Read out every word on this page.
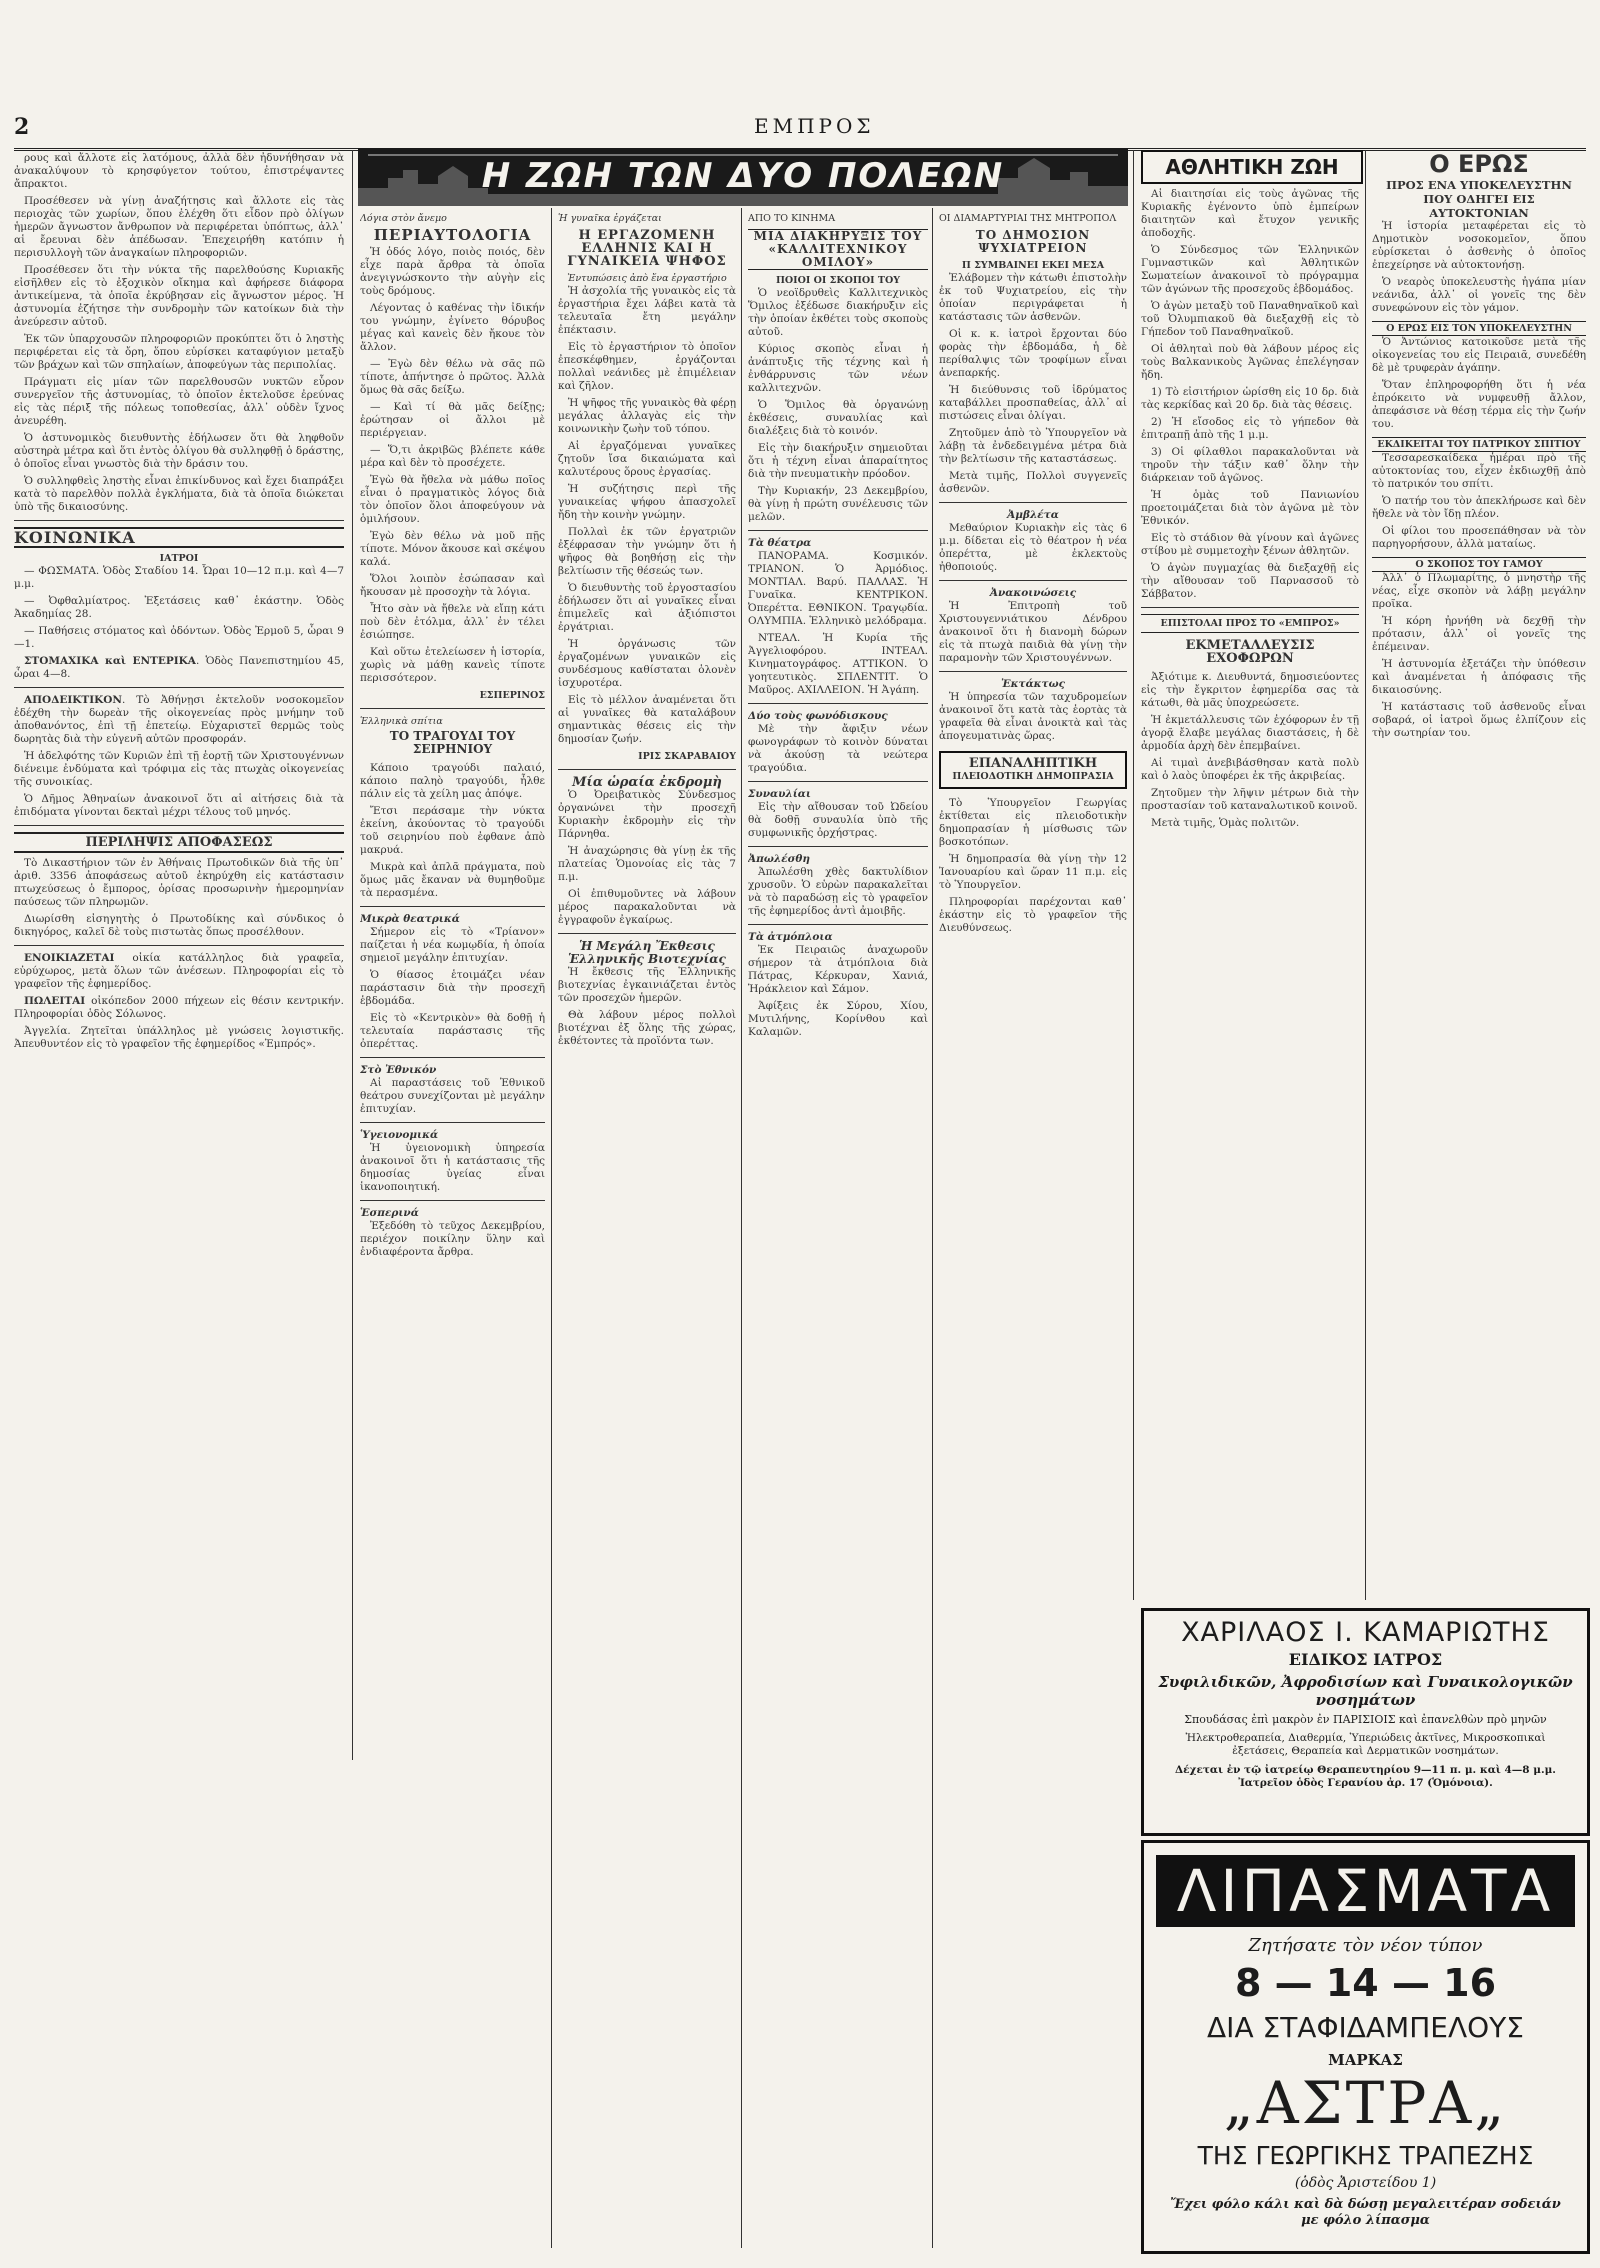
2	ΕΜΠΡΟΣ
Η ΖΩΗ ΤΩΝ ΔΥΟ ΠΟΛΕΩΝ

ρους καὶ ἄλλοτε εἰς λατόμους, ἀλλὰ δὲν ἠδυνήθησαν νὰ ἀνακαλύψουν τὸ κρησφύγετον τούτου, ἐπιστρέψαντες ἄπρακτοι.

Προσέθεσεν νὰ γίνῃ ἀναζήτησις καὶ ἄλλοτε εἰς τὰς περιοχὰς τῶν χωρίων, ὅπου ἐλέχθη ὅτι εἶδον πρὸ ὀλίγων ἡμερῶν ἄγνωστον ἄνθρωπον νὰ περιφέρεται ὑπόπτως, ἀλλ᾿ αἱ ἔρευναι δὲν ἀπέδωσαν. Ἐπεχειρήθη κατόπιν ἡ περισυλλογὴ τῶν ἀναγκαίων πληροφοριῶν.

Προσέθεσεν ὅτι τὴν νύκτα τῆς παρελθούσης Κυριακῆς εἰσῆλθεν εἰς τὸ ἐξοχικὸν οἴκημα καὶ ἀφήρεσε διάφορα ἀντικείμενα, τὰ ὁποῖα ἐκρύβησαν εἰς ἄγνωστον μέρος. Ἡ ἀστυνομία ἐζήτησε τὴν συνδρομὴν τῶν κατοίκων διὰ τὴν ἀνεύρεσιν αὐτοῦ.

Ἐκ τῶν ὑπαρχουσῶν πληροφοριῶν προκύπτει ὅτι ὁ ληστὴς περιφέρεται εἰς τὰ ὄρη, ὅπου εὑρίσκει καταφύγιον μεταξὺ τῶν βράχων καὶ τῶν σπηλαίων, ἀποφεύγων τὰς περιπολίας.

Πράγματι εἰς μίαν τῶν παρελθουσῶν νυκτῶν εὗρον συνεργεῖον τῆς ἀστυνομίας, τὸ ὁποῖον ἐκτελοῦσε ἐρεύνας εἰς τὰς πέριξ τῆς πόλεως τοποθεσίας, ἀλλ᾿ οὐδὲν ἴχνος ἀνευρέθη.

Ὁ ἀστυνομικὸς διευθυντὴς ἐδήλωσεν ὅτι θὰ ληφθοῦν αὐστηρὰ μέτρα καὶ ὅτι ἐντὸς ὀλίγου θὰ συλληφθῇ ὁ δράστης, ὁ ὁποῖος εἶναι γνωστὸς διὰ τὴν δράσιν του.

Ὁ συλληφθεὶς ληστὴς εἶναι ἐπικίνδυνος καὶ ἔχει διαπράξει κατὰ τὸ παρελθὸν πολλὰ ἐγκλήματα, διὰ τὰ ὁποῖα διώκεται ὑπὸ τῆς δικαιοσύνης.

ΚΟΙΝΩΝΙΚΑ
ΙΑΤΡΟΙ

— ΦΩΣΜΑΤΑ. Ὁδὸς Σταδίου 14. Ὧραι 10—12 π.μ. καὶ 4—7 μ.μ.

— Ὀφθαλμίατρος. Ἐξετάσεις καθ᾿ ἑκάστην. Ὁδὸς Ἀκαδημίας 28.

— Παθήσεις στόματος καὶ ὀδόντων. Ὁδὸς Ἐρμοῦ 5, ὧραι 9—1.

ΣΤΟΜΑΧΙΚΑ καὶ ΕΝΤΕΡΙΚΑ. Ὁδὸς Πανεπιστημίου 45, ὧραι 4—8.

ΑΠΟΔΕΙΚΤΙΚΟΝ. Τὸ Ἀθήνῃσι ἐκτελοῦν νοσοκομεῖον ἐδέχθη τὴν δωρεὰν τῆς οἰκογενείας πρὸς μνήμην τοῦ ἀποθανόντος, ἐπὶ τῇ ἐπετείῳ. Εὐχαριστεῖ θερμῶς τοὺς δωρητὰς διὰ τὴν εὐγενῆ αὐτῶν προσφοράν.

Ἡ ἀδελφότης τῶν Κυριῶν ἐπὶ τῇ ἑορτῇ τῶν Χριστουγέννων διένειμε ἐνδύματα καὶ τρόφιμα εἰς τὰς πτωχὰς οἰκογενείας τῆς συνοικίας.

Ὁ Δῆμος Ἀθηναίων ἀνακοινοῖ ὅτι αἱ αἰτήσεις διὰ τὰ ἐπιδόματα γίνονται δεκταὶ μέχρι τέλους τοῦ μηνός.

ΠΕΡΙΛΗΨΙΣ ΑΠΟΦΑΣΕΩΣ

Τὸ Δικαστήριον τῶν ἐν Ἀθήναις Πρωτοδικῶν διὰ τῆς ὑπ᾿ ἀριθ. 3356 ἀποφάσεως αὐτοῦ ἐκηρύχθη εἰς κατάστασιν πτωχεύσεως ὁ ἔμπορος, ὁρίσας προσωρινὴν ἡμερομηνίαν παύσεως τῶν πληρωμῶν.

Διωρίσθη εἰσηγητὴς ὁ Πρωτοδίκης καὶ σύνδικος ὁ δικηγόρος, καλεῖ δὲ τοὺς πιστωτὰς ὅπως προσέλθουν.

ΕΝΟΙΚΙΑΖΕΤΑΙ οἰκία κατάλληλος διὰ γραφεῖα, εὐρύχωρος, μετὰ ὅλων τῶν ἀνέσεων. Πληροφορίαι εἰς τὸ γραφεῖον τῆς ἐφημερίδος.

ΠΩΛΕΙΤΑΙ οἰκόπεδον 2000 πήχεων εἰς θέσιν κεντρικήν. Πληροφορίαι ὁδὸς Σόλωνος.

Ἀγγελία. Ζητεῖται ὑπάλληλος μὲ γνώσεις λογιστικῆς. Ἀπευθυντέον εἰς τὸ γραφεῖον τῆς ἐφημερίδος «Ἐμπρός».

Λόγια στὸν ἄνεμο
ΠΕΡΙΑΥΤΟΛΟΓΙΑ

Ἡ ὁδός λόγο, ποιὸς ποιός, δὲν εἶχε παρὰ ἄρθρα τὰ ὁποῖα ἀνεγιγνώσκοντο τὴν αὐγὴν εἰς τοὺς δρόμους.

Λέγοντας ὁ καθένας τὴν ἰδικήν του γνώμην, ἐγίνετο θόρυβος μέγας καὶ κανεὶς δὲν ἤκουε τὸν ἄλλον.

— Ἐγὼ δὲν θέλω νὰ σᾶς πῶ τίποτε, ἀπήντησε ὁ πρῶτος. Ἀλλὰ ὅμως θὰ σᾶς δείξω.

— Καὶ τί θὰ μᾶς δείξῃς; ἐρώτησαν οἱ ἄλλοι μὲ περιέργειαν.

— Ὅ,τι ἀκριβῶς βλέπετε κάθε μέρα καὶ δὲν τὸ προσέχετε.

Ἐγὼ θὰ ἤθελα νὰ μάθω ποῖος εἶναι ὁ πραγματικὸς λόγος διὰ τὸν ὁποῖον ὅλοι ἀποφεύγουν νὰ ὁμιλήσουν.

Ἐγὼ δὲν θέλω νὰ μοῦ πῇς τίποτε. Μόνον ἄκουσε καὶ σκέψου καλά.

Ὅλοι λοιπὸν ἐσώπασαν καὶ ἤκουσαν μὲ προσοχὴν τὰ λόγια.

Ἦτο σὰν νὰ ἤθελε νὰ εἴπῃ κάτι ποὺ δὲν ἐτόλμα, ἀλλ᾿ ἐν τέλει ἐσιώπησε.

Καὶ οὕτω ἐτελείωσεν ἡ ἱστορία, χωρὶς νὰ μάθῃ κανεὶς τίποτε περισσότερον.

ΕΣΠΕΡΙΝΟΣ
Ἑλληνικὰ σπίτια
ΤΟ ΤΡΑΓΟΥΔΙ ΤΟΥ ΣΕΙΡΗΝΙΟΥ

Κάποιο τραγούδι παλαιό, κάποιο παληὸ τραγούδι, ἦλθε πάλιν εἰς τὰ χείλη μας ἀπόψε.

Ἔτσι περάσαμε τὴν νύκτα ἐκείνη, ἀκούοντας τὸ τραγούδι τοῦ σειρηνίου ποὺ ἐφθανε ἀπὸ μακρυά.

Μικρὰ καὶ ἀπλᾶ πράγματα, ποὺ ὅμως μᾶς ἔκαναν νὰ θυμηθοῦμε τὰ περασμένα.

Μικρὰ θεατρικά

Σήμερον εἰς τὸ «Τρίανον» παίζεται ἡ νέα κωμῳδία, ἡ ὁποία σημειοῖ μεγάλην ἐπιτυχίαν.

Ὁ θίασος ἑτοιμάζει νέαν παράστασιν διὰ τὴν προσεχῆ ἑβδομάδα.

Εἰς τὸ «Κεντρικὸν» θὰ δοθῇ ἡ τελευταία παράστασις τῆς ὀπερέττας.

Στὸ Ἐθνικόν

Αἱ παραστάσεις τοῦ Ἐθνικοῦ θεάτρου συνεχίζονται μὲ μεγάλην ἐπιτυχίαν.

Ὑγειονομικά

Ἡ ὑγειονομικὴ ὑπηρεσία ἀνακοινοῖ ὅτι ἡ κατάστασις τῆς δημοσίας ὑγείας εἶναι ἱκανοποιητική.

Ἑσπερινά

Ἐξεδόθη τὸ τεῦχος Δεκεμβρίου, περιέχον ποικίλην ὕλην καὶ ἐνδιαφέροντα ἄρθρα.

Ἡ γυναῖκα ἐργάζεται
Η ΕΡΓΑΖΟΜΕΝΗ ΕΛΛΗΝΙΣ ΚΑΙ Η ΓΥΝΑΙΚΕΙΑ ΨΗΦΟΣ
Ἐντυπώσεις ἀπὸ ἕνα ἐργαστήριο

Ἡ ἀσχολία τῆς γυναικὸς εἰς τὰ ἐργαστήρια ἔχει λάβει κατὰ τὰ τελευταῖα ἔτη μεγάλην ἐπέκτασιν.

Εἰς τὸ ἐργαστήριον τὸ ὁποῖον ἐπεσκέφθημεν, ἐργάζονται πολλαὶ νεάνιδες μὲ ἐπιμέλειαν καὶ ζῆλον.

Ἡ ψῆφος τῆς γυναικὸς θὰ φέρῃ μεγάλας ἀλλαγὰς εἰς τὴν κοινωνικὴν ζωὴν τοῦ τόπου.

Αἱ ἐργαζόμεναι γυναῖκες ζητοῦν ἴσα δικαιώματα καὶ καλυτέρους ὅρους ἐργασίας.

Ἡ συζήτησις περὶ τῆς γυναικείας ψήφου ἀπασχολεῖ ἤδη τὴν κοινὴν γνώμην.

Πολλαὶ ἐκ τῶν ἐργατριῶν ἐξέφρασαν τὴν γνώμην ὅτι ἡ ψῆφος θὰ βοηθήσῃ εἰς τὴν βελτίωσιν τῆς θέσεώς των.

Ὁ διευθυντὴς τοῦ ἐργοστασίου ἐδήλωσεν ὅτι αἱ γυναῖκες εἶναι ἐπιμελεῖς καὶ ἀξιόπιστοι ἐργάτριαι.

Ἡ ὀργάνωσις τῶν ἐργαζομένων γυναικῶν εἰς συνδέσμους καθίσταται ὁλονὲν ἰσχυροτέρα.

Εἰς τὸ μέλλον ἀναμένεται ὅτι αἱ γυναῖκες θὰ καταλάβουν σημαντικὰς θέσεις εἰς τὴν δημοσίαν ζωήν.

ΙΡΙΣ ΣΚΑΡΑΒΑΙΟΥ
Μία ὡραία ἐκδρομὴ

Ὁ Ὀρειβατικὸς Σύνδεσμος ὀργανώνει τὴν προσεχῆ Κυριακὴν ἐκδρομὴν εἰς τὴν Πάρνηθα.

Ἡ ἀναχώρησις θὰ γίνῃ ἐκ τῆς πλατείας Ὁμονοίας εἰς τὰς 7 π.μ.

Οἱ ἐπιθυμοῦντες νὰ λάβουν μέρος παρακαλοῦνται νὰ ἐγγραφοῦν ἐγκαίρως.

Ἡ Μεγάλη Ἔκθεσις Ἑλληνικῆς Βιοτεχνίας

Ἡ ἔκθεσις τῆς Ἑλληνικῆς βιοτεχνίας ἐγκαινιάζεται ἐντὸς τῶν προσεχῶν ἡμερῶν.

Θὰ λάβουν μέρος πολλοὶ βιοτέχναι ἐξ ὅλης τῆς χώρας, ἐκθέτοντες τὰ προϊόντα των.

ΑΠΟ ΤΟ ΚΙΝΗΜΑ
ΜΙΑ ΔΙΑΚΗΡΥΞΙΣ ΤΟΥ «ΚΑΛΛΙΤΕΧΝΙΚΟΥ ΟΜΙΛΟΥ»
ΠΟΙΟΙ ΟΙ ΣΚΟΠΟΙ ΤΟΥ

Ὁ νεοϊδρυθεὶς Καλλιτεχνικὸς Ὅμιλος ἐξέδωσε διακήρυξιν εἰς τὴν ὁποίαν ἐκθέτει τοὺς σκοποὺς αὐτοῦ.

Κύριος σκοπὸς εἶναι ἡ ἀνάπτυξις τῆς τέχνης καὶ ἡ ἐνθάρρυνσις τῶν νέων καλλιτεχνῶν.

Ὁ Ὅμιλος θὰ ὀργανώνῃ ἐκθέσεις, συναυλίας καὶ διαλέξεις διὰ τὸ κοινόν.

Εἰς τὴν διακήρυξιν σημειοῦται ὅτι ἡ τέχνη εἶναι ἀπαραίτητος διὰ τὴν πνευματικὴν πρόοδον.

Τὴν Κυριακήν, 23 Δεκεμβρίου, θὰ γίνῃ ἡ πρώτη συνέλευσις τῶν μελῶν.

Τὰ θέατρα

ΠΑΝΟΡΑΜΑ. Κοσμικόν. ΤΡΙΑΝΟΝ. Ὁ Ἀρμόδιος. ΜΟΝΤΙΑΛ. Βαρύ. ΠΑΛΛΑΣ. Ἡ Γυναῖκα. ΚΕΝΤΡΙΚΟΝ. Ὀπερέττα. ΕΘΝΙΚΟΝ. Τραγῳδία. ΟΛΥΜΠΙΑ. Ἑλληνικὸ μελόδραμα.

ΝΤΕΑΛ. Ἡ Κυρία τῆς Ἀγγελιοφόρου. ΙΝΤΕΑΛ. Κινηματογράφος. ΑΤΤΙΚΟΝ. Ὁ γοητευτικὸς. ΣΠΛΕΝΤΙΤ. Ὁ Μαῦρος. ΑΧΙΛΛΕΙΟΝ. Ἡ Ἀγάπη.

Δύο τοὺς φωνόδισκους

Μὲ τὴν ἄφιξιν νέων φωνογράφων τὸ κοινὸν δύναται νὰ ἀκούσῃ τὰ νεώτερα τραγούδια.

Συναυλίαι

Εἰς τὴν αἴθουσαν τοῦ Ὠδείου θὰ δοθῇ συναυλία ὑπὸ τῆς συμφωνικῆς ὀρχήστρας.

Ἀπωλέσθη

Ἀπωλέσθη χθὲς δακτυλίδιον χρυσοῦν. Ὁ εὑρὼν παρακαλεῖται νὰ τὸ παραδώσῃ εἰς τὸ γραφεῖον τῆς ἐφημερίδος ἀντὶ ἀμοιβῆς.

Τὰ ἀτμόπλοια

Ἐκ Πειραιῶς ἀναχωροῦν σήμερον τὰ ἀτμόπλοια διὰ Πάτρας, Κέρκυραν, Χανιά, Ἡράκλειον καὶ Σάμον.

Ἀφίξεις ἐκ Σύρου, Χίου, Μυτιλήνης, Κορίνθου καὶ Καλαμῶν.

ΟΙ ΔΙΑΜΑΡΤΥΡΙΑΙ ΤΗΣ ΜΗΤΡΟΠΟΛ
ΤΟ ΔΗΜΟΣΙΟΝ ΨΥΧΙΑΤΡΕΙΟΝ
Π ΣΥΜΒΑΙΝΕΙ ΕΚΕΙ ΜΕΣΑ

Ἐλάβομεν τὴν κάτωθι ἐπιστολὴν ἐκ τοῦ Ψυχιατρείου, εἰς τὴν ὁποίαν περιγράφεται ἡ κατάστασις τῶν ἀσθενῶν.

Οἱ κ. κ. ἰατροὶ ἔρχονται δύο φορὰς τὴν ἑβδομάδα, ἡ δὲ περίθαλψις τῶν τροφίμων εἶναι ἀνεπαρκής.

Ἡ διεύθυνσις τοῦ ἱδρύματος καταβάλλει προσπαθείας, ἀλλ᾿ αἱ πιστώσεις εἶναι ὀλίγαι.

Ζητοῦμεν ἀπὸ τὸ Ὑπουργεῖον νὰ λάβῃ τὰ ἐνδεδειγμένα μέτρα διὰ τὴν βελτίωσιν τῆς καταστάσεως.

Μετὰ τιμῆς, Πολλοὶ συγγενεῖς ἀσθενῶν.

Ἀμβλέτα

Μεθαύριον Κυριακὴν εἰς τὰς 6 μ.μ. δίδεται εἰς τὸ θέατρον ἡ νέα ὀπερέττα, μὲ ἐκλεκτοὺς ἠθοποιούς.

Ἀνακοινώσεις

Ἡ Ἐπιτροπὴ τοῦ Χριστουγεννιάτικου Δένδρου ἀνακοινοῖ ὅτι ἡ διανομὴ δώρων εἰς τὰ πτωχὰ παιδιὰ θὰ γίνῃ τὴν παραμονὴν τῶν Χριστουγέννων.

Ἐκτάκτως

Ἡ ὑπηρεσία τῶν ταχυδρομείων ἀνακοινοῖ ὅτι κατὰ τὰς ἑορτὰς τὰ γραφεῖα θὰ εἶναι ἀνοικτὰ καὶ τὰς ἀπογευματινὰς ὥρας.

ΕΠΑΝΑΛΗΠΤΙΚΗ
ΠΛΕΙΟΔΟΤΙΚΗ ΔΗΜΟΠΡΑΣΙΑ

Τὸ Ὑπουργεῖον Γεωργίας ἐκτίθεται εἰς πλειοδοτικὴν δημοπρασίαν ἡ μίσθωσις τῶν βοσκοτόπων.

Ἡ δημοπρασία θὰ γίνῃ τὴν 12 Ἰανουαρίου καὶ ὥραν 11 π.μ. εἰς τὸ Ὑπουργεῖον.

Πληροφορίαι παρέχονται καθ᾿ ἑκάστην εἰς τὸ γραφεῖον τῆς Διευθύνσεως.

ΑΘΛΗΤΙΚΗ ΖΩΗ

Αἱ διαιτησίαι εἰς τοὺς ἀγῶνας τῆς Κυριακῆς ἐγένοντο ὑπὸ ἐμπείρων διαιτητῶν καὶ ἔτυχον γενικῆς ἀποδοχῆς.

Ὁ Σύνδεσμος τῶν Ἑλληνικῶν Γυμναστικῶν καὶ Ἀθλητικῶν Σωματείων ἀνακοινοῖ τὸ πρόγραμμα τῶν ἀγώνων τῆς προσεχοῦς ἑβδομάδος.

Ὁ ἀγὼν μεταξὺ τοῦ Παναθηναϊκοῦ καὶ τοῦ Ὀλυμπιακοῦ θὰ διεξαχθῇ εἰς τὸ Γήπεδον τοῦ Παναθηναϊκοῦ.

Οἱ ἀθληταὶ ποὺ θὰ λάβουν μέρος εἰς τοὺς Βαλκανικοὺς Ἀγῶνας ἐπελέγησαν ἤδη.

1) Τὸ εἰσιτήριον ὡρίσθη εἰς 10 δρ. διὰ τὰς κερκίδας καὶ 20 δρ. διὰ τὰς θέσεις.

2) Ἡ εἴσοδος εἰς τὸ γήπεδον θὰ ἐπιτραπῇ ἀπὸ τῆς 1 μ.μ.

3) Οἱ φίλαθλοι παρακαλοῦνται νὰ τηροῦν τὴν τάξιν καθ᾿ ὅλην τὴν διάρκειαν τοῦ ἀγῶνος.

Ἡ ὁμὰς τοῦ Πανιωνίου προετοιμάζεται διὰ τὸν ἀγῶνα μὲ τὸν Ἐθνικόν.

Εἰς τὸ στάδιον θὰ γίνουν καὶ ἀγῶνες στίβου μὲ συμμετοχὴν ξένων ἀθλητῶν.

Ὁ ἀγὼν πυγμαχίας θὰ διεξαχθῇ εἰς τὴν αἴθουσαν τοῦ Παρνασσοῦ τὸ Σάββατον.

ΕΠΙΣΤΟΛΑΙ ΠΡΟΣ ΤΟ «ΕΜΠΡΟΣ»
ΕΚΜΕΤΑΛΛΕΥΣΙΣ ΕΧΟΦΩΡΩΝ

Ἀξιότιμε κ. Διευθυντά, δημοσιεύοντες εἰς τὴν ἔγκριτον ἐφημερίδα σας τὰ κάτωθι, θὰ μᾶς ὑποχρεώσετε.

Ἡ ἐκμετάλλευσις τῶν ἐχόφορων ἐν τῇ ἀγορᾷ ἔλαβε μεγάλας διαστάσεις, ἡ δὲ ἀρμοδία ἀρχὴ δὲν ἐπεμβαίνει.

Αἱ τιμαὶ ἀνεβιβάσθησαν κατὰ πολὺ καὶ ὁ λαὸς ὑποφέρει ἐκ τῆς ἀκριβείας.

Ζητοῦμεν τὴν λῆψιν μέτρων διὰ τὴν προστασίαν τοῦ καταναλωτικοῦ κοινοῦ.

Μετὰ τιμῆς, Ὁμὰς πολιτῶν.

Ο ΕΡΩΣ
ΠΡΟΣ ΕΝΑ ΥΠΟΚΕΛΕΥΣΤΗΝ ΠΟΥ ΟΔΗΓΕΙ ΕΙΣ ΑΥΤΟΚΤΟΝΙΑΝ

Ἡ ἱστορία μεταφέρεται εἰς τὸ Δημοτικὸν νοσοκομεῖον, ὅπου εὑρίσκεται ὁ ἀσθενὴς ὁ ὁποῖος ἐπεχείρησε νὰ αὐτοκτονήσῃ.

Ὁ νεαρὸς ὑποκελευστὴς ἠγάπα μίαν νεάνιδα, ἀλλ᾿ οἱ γονεῖς της δὲν συνεφώνουν εἰς τὸν γάμον.

Ο ΕΡΩΣ ΕΙΣ ΤΟΝ ΥΠΟΚΕΛΕΥΣΤΗΝ

Ὁ Ἀντώνιος κατοικοῦσε μετὰ τῆς οἰκογενείας του εἰς Πειραιᾶ, συνεδέθη δὲ μὲ τρυφερὰν ἀγάπην.

Ὅταν ἐπληροφορήθη ὅτι ἡ νέα ἐπρόκειτο νὰ νυμφευθῇ ἄλλον, ἀπεφάσισε νὰ θέσῃ τέρμα εἰς τὴν ζωήν του.

ΕΚΔΙΚΕΙΤΑΙ ΤΟΥ ΠΑΤΡΙΚΟΥ ΣΠΙΤΙΟΥ

Τεσσαρεσκαίδεκα ἡμέραι πρὸ τῆς αὐτοκτονίας του, εἶχεν ἐκδιωχθῇ ἀπὸ τὸ πατρικόν του σπίτι.

Ὁ πατήρ του τὸν ἀπεκλήρωσε καὶ δὲν ἤθελε νὰ τὸν ἴδῃ πλέον.

Οἱ φίλοι του προσεπάθησαν νὰ τὸν παρηγορήσουν, ἀλλὰ ματαίως.

Ο ΣΚΟΠΟΣ ΤΟΥ ΓΑΜΟΥ

Ἀλλ᾿ ὁ Πλωμαρίτης, ὁ μνηστὴρ τῆς νέας, εἶχε σκοπὸν νὰ λάβῃ μεγάλην προῖκα.

Ἡ κόρη ἠρνήθη νὰ δεχθῇ τὴν πρότασιν, ἀλλ᾿ οἱ γονεῖς της ἐπέμειναν.

Ἡ ἀστυνομία ἐξετάζει τὴν ὑπόθεσιν καὶ ἀναμένεται ἡ ἀπόφασις τῆς δικαιοσύνης.

Ἡ κατάστασις τοῦ ἀσθενοῦς εἶναι σοβαρά, οἱ ἰατροὶ ὅμως ἐλπίζουν εἰς τὴν σωτηρίαν του.

ΧΑΡΙΛΑΟΣ Ι. ΚΑΜΑΡΙΩΤΗΣ
ΕΙΔΙΚΟΣ ΙΑΤΡΟΣ
Συφιλιδικῶν, Ἀφροδισίων καὶ Γυναικολογικῶν νοσημάτων
Σπουδάσας ἐπὶ μακρὸν ἐν ΠΑΡΙΣΙΟΙΣ καὶ ἐπανελθὼν πρὸ μηνῶν
Ἠλεκτροθεραπεία, Διαθερμία, Ὑπεριώδεις ἀκτῖνες, Μικροσκοπικαὶ ἐξετάσεις, Θεραπεία καὶ Δερματικῶν νοσημάτων.
Δέχεται ἐν τῷ ἰατρείῳ Θεραπευτηρίου 9—11 π. μ. καὶ 4—8 μ.μ. Ἰατρεῖον ὁδὸς Γερανίου ἀρ. 17 (Ὁμόνοια).
ΛΙΠΑΣΜΑΤΑ
Ζητήσατε τὸν νέον τύπον
8 — 14 — 16
ΔΙΑ ΣΤΑΦΙΔΑΜΠΕΛΟΥΣ
ΜΑΡΚΑΣ
„ΑΣΤΡΑ„
ΤΗΣ ΓΕΩΡΓΙΚΗΣ ΤΡΑΠΕΖΗΣ
(ὁδὸς Ἀριστείδου 1)
Ἔχει φόλο κάλι καὶ δὰ δώσῃ μεγαλειτέραν σοδειάν με φόλο λίπασμα
